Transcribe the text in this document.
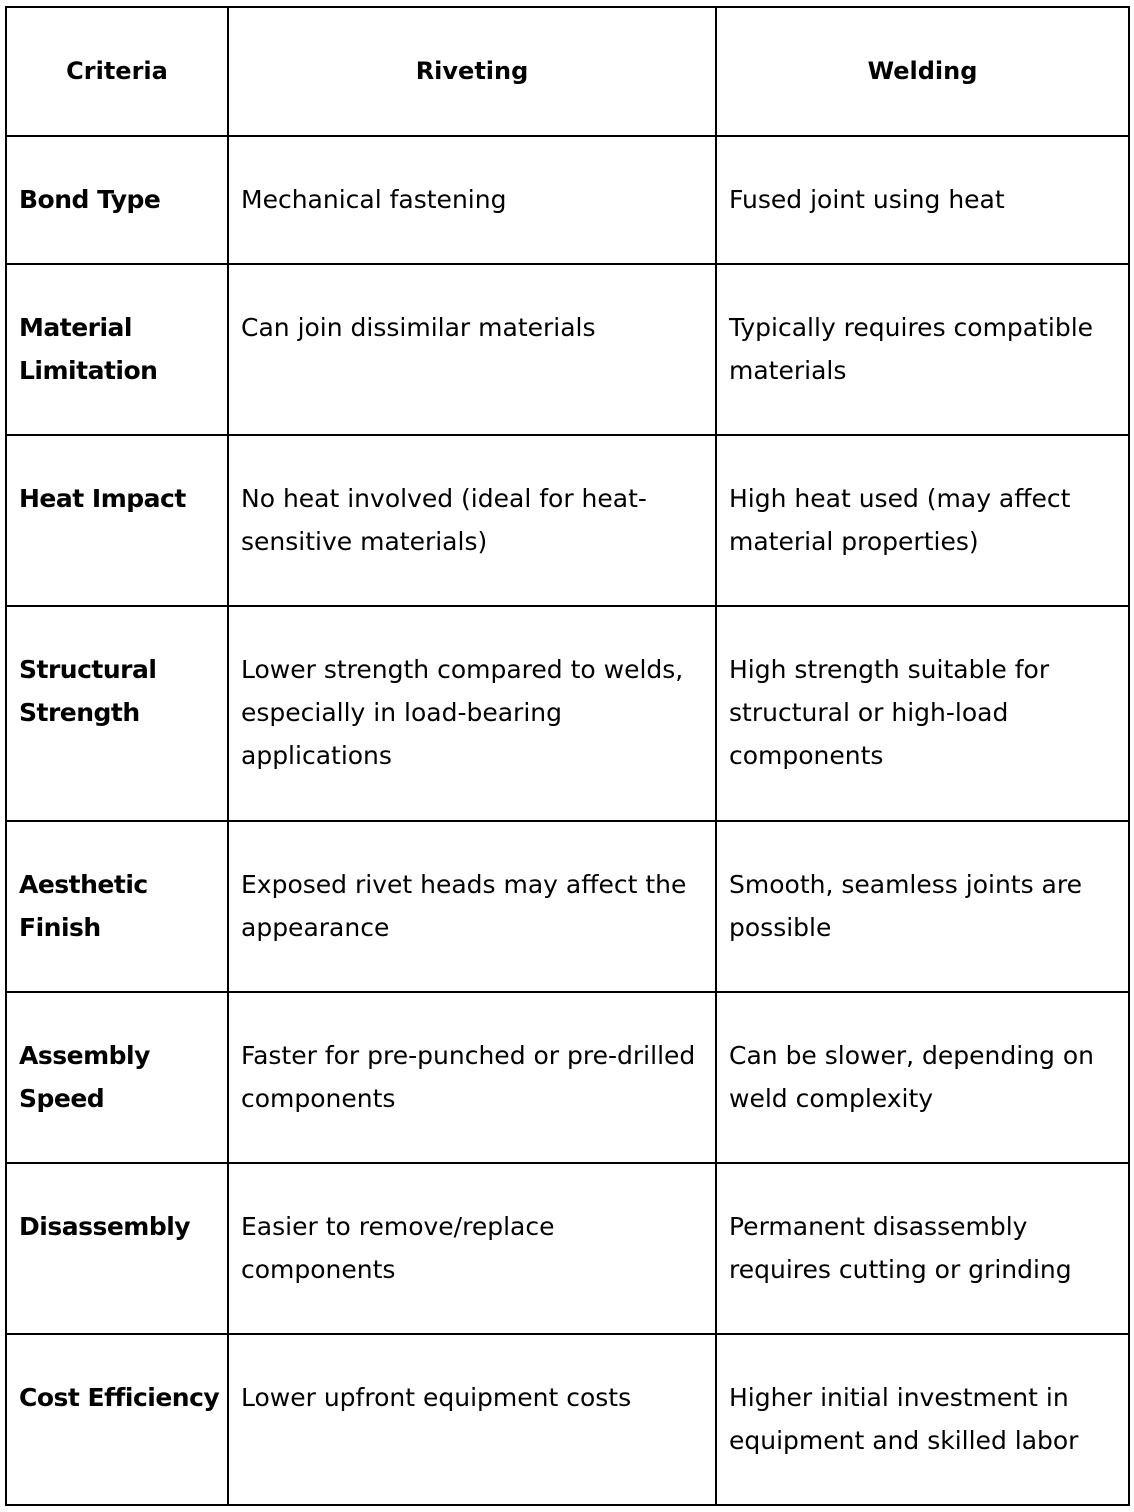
Criteria	Riveting	Welding
Bond Type	Mechanical fastening	Fused joint using heat
Material Limitation	Can join dissimilar materials	Typically requires compatible materials
Heat Impact	No heat involved (ideal for heat-sensitive materials)	High heat used (may affect material properties)
Structural Strength	Lower strength compared to welds, especially in load-bearing applications	High strength suitable for structural or high-load components
Aesthetic Finish	Exposed rivet heads may affect the appearance	Smooth, seamless joints are possible
Assembly Speed	Faster for pre-punched or pre-drilled components	Can be slower, depending on weld complexity
Disassembly	Easier to remove/replace components	Permanent disassembly requires cutting or grinding
Cost Efficiency	Lower upfront equipment costs	Higher initial investment in equipment and skilled labor
